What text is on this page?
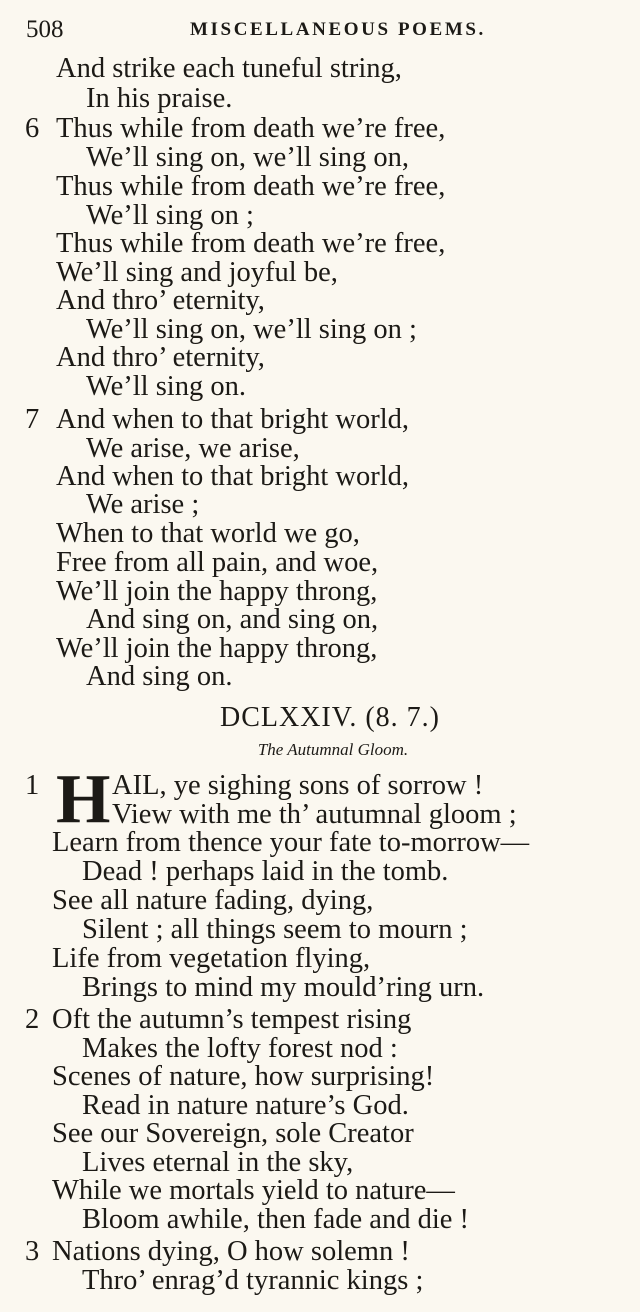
508	MISCELLANEOUS POEMS.
And strike each tuneful string,
In his praise.
6 Thus while from death we’re free,
We’ll sing on, we’ll sing on,
Thus while from death we’re free,
We’ll sing on ;
Thus while from death we’re free,
We’ll sing and joyful be,
And thro’ eternity,
We’ll sing on, we’ll sing on ;
And thro’ eternity,
We’ll sing on.
7 And when to that bright world,
We arise, we arise,
And when to that bright world,
We arise ;
When to that world we go,
Free from all pain, and woe,
We’ll join the happy throng,
And sing on, and sing on,
We’ll join the happy throng,
And sing on.
DCLXXIV. (8. 7.)
The Autumnal Gloom.
1 H AIL, ye sighing sons of sorrow !
View with me th’ autumnal gloom ;
Learn from thence your fate to-morrow—
Dead ! perhaps laid in the tomb.
See all nature fading, dying,
Silent ; all things seem to mourn ;
Life from vegetation flying,
Brings to mind my mould’ring urn.
2 Oft the autumn’s tempest rising
Makes the lofty forest nod :
Scenes of nature, how surprising!
Read in nature nature’s God.
See our Sovereign, sole Creator
Lives eternal in the sky,
While we mortals yield to nature—
Bloom awhile, then fade and die !
3 Nations dying, O how solemn !
Thro’ enrag’d tyrannic kings ;
